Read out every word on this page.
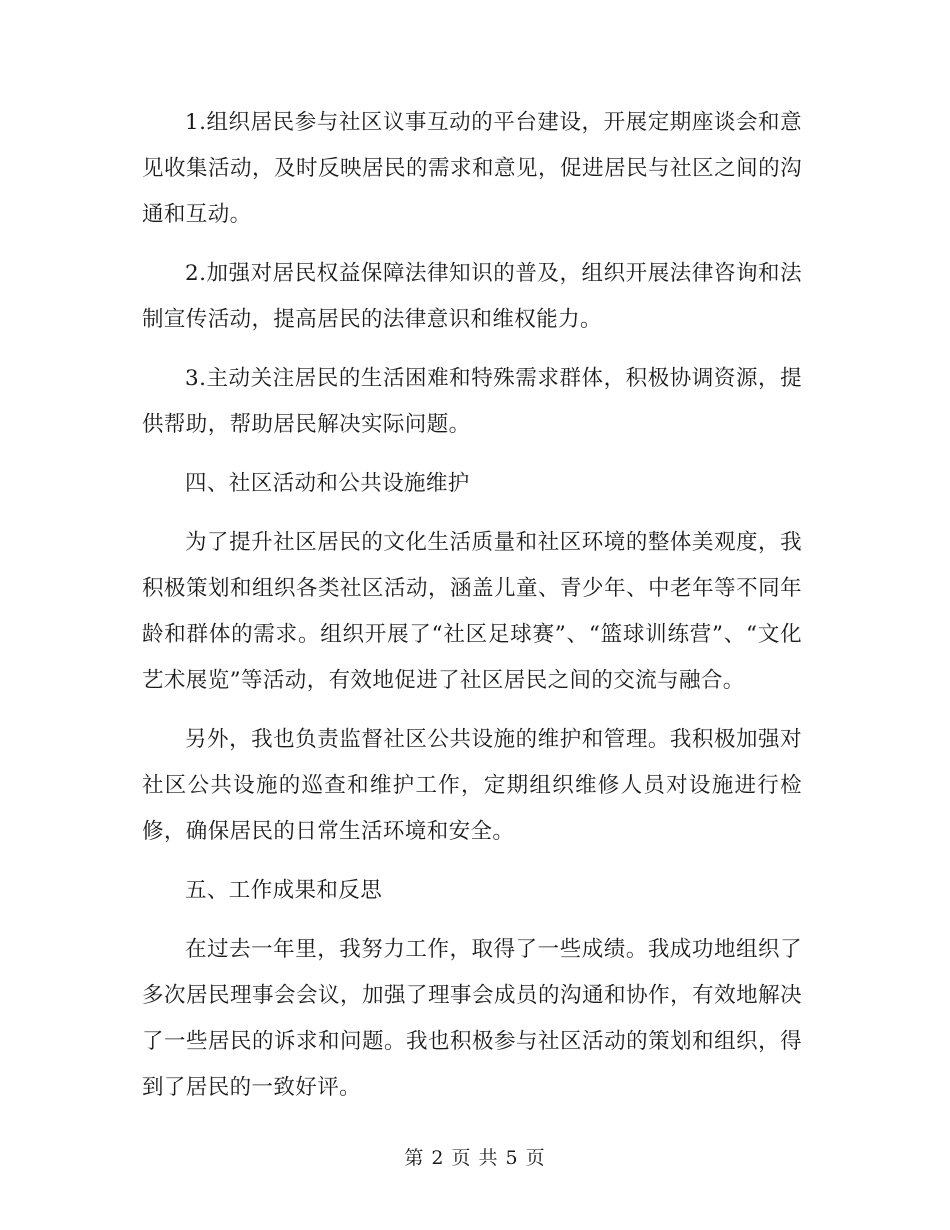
1.组织居民参与社区议事互动的平台建设，开展定期座谈会和意见收集活动，及时反映居民的需求和意见，促进居民与社区之间的沟通和互动。

2.加强对居民权益保障法律知识的普及，组织开展法律咨询和法制宣传活动，提高居民的法律意识和维权能力。

3.主动关注居民的生活困难和特殊需求群体，积极协调资源，提供帮助，帮助居民解决实际问题。

四、社区活动和公共设施维护

为了提升社区居民的文化生活质量和社区环境的整体美观度，我积极策划和组织各类社区活动，涵盖儿童、青少年、中老年等不同年龄和群体的需求。组织开展了“社区足球赛”、“篮球训练营”、“文化艺术展览”等活动，有效地促进了社区居民之间的交流与融合。

另外，我也负责监督社区公共设施的维护和管理。我积极加强对社区公共设施的巡查和维护工作，定期组织维修人员对设施进行检修，确保居民的日常生活环境和安全。

五、工作成果和反思

在过去一年里，我努力工作，取得了一些成绩。我成功地组织了多次居民理事会会议，加强了理事会成员的沟通和协作，有效地解决了一些居民的诉求和问题。我也积极参与社区活动的策划和组织，得到了居民的一致好评。

第 2 页 共 5 页
